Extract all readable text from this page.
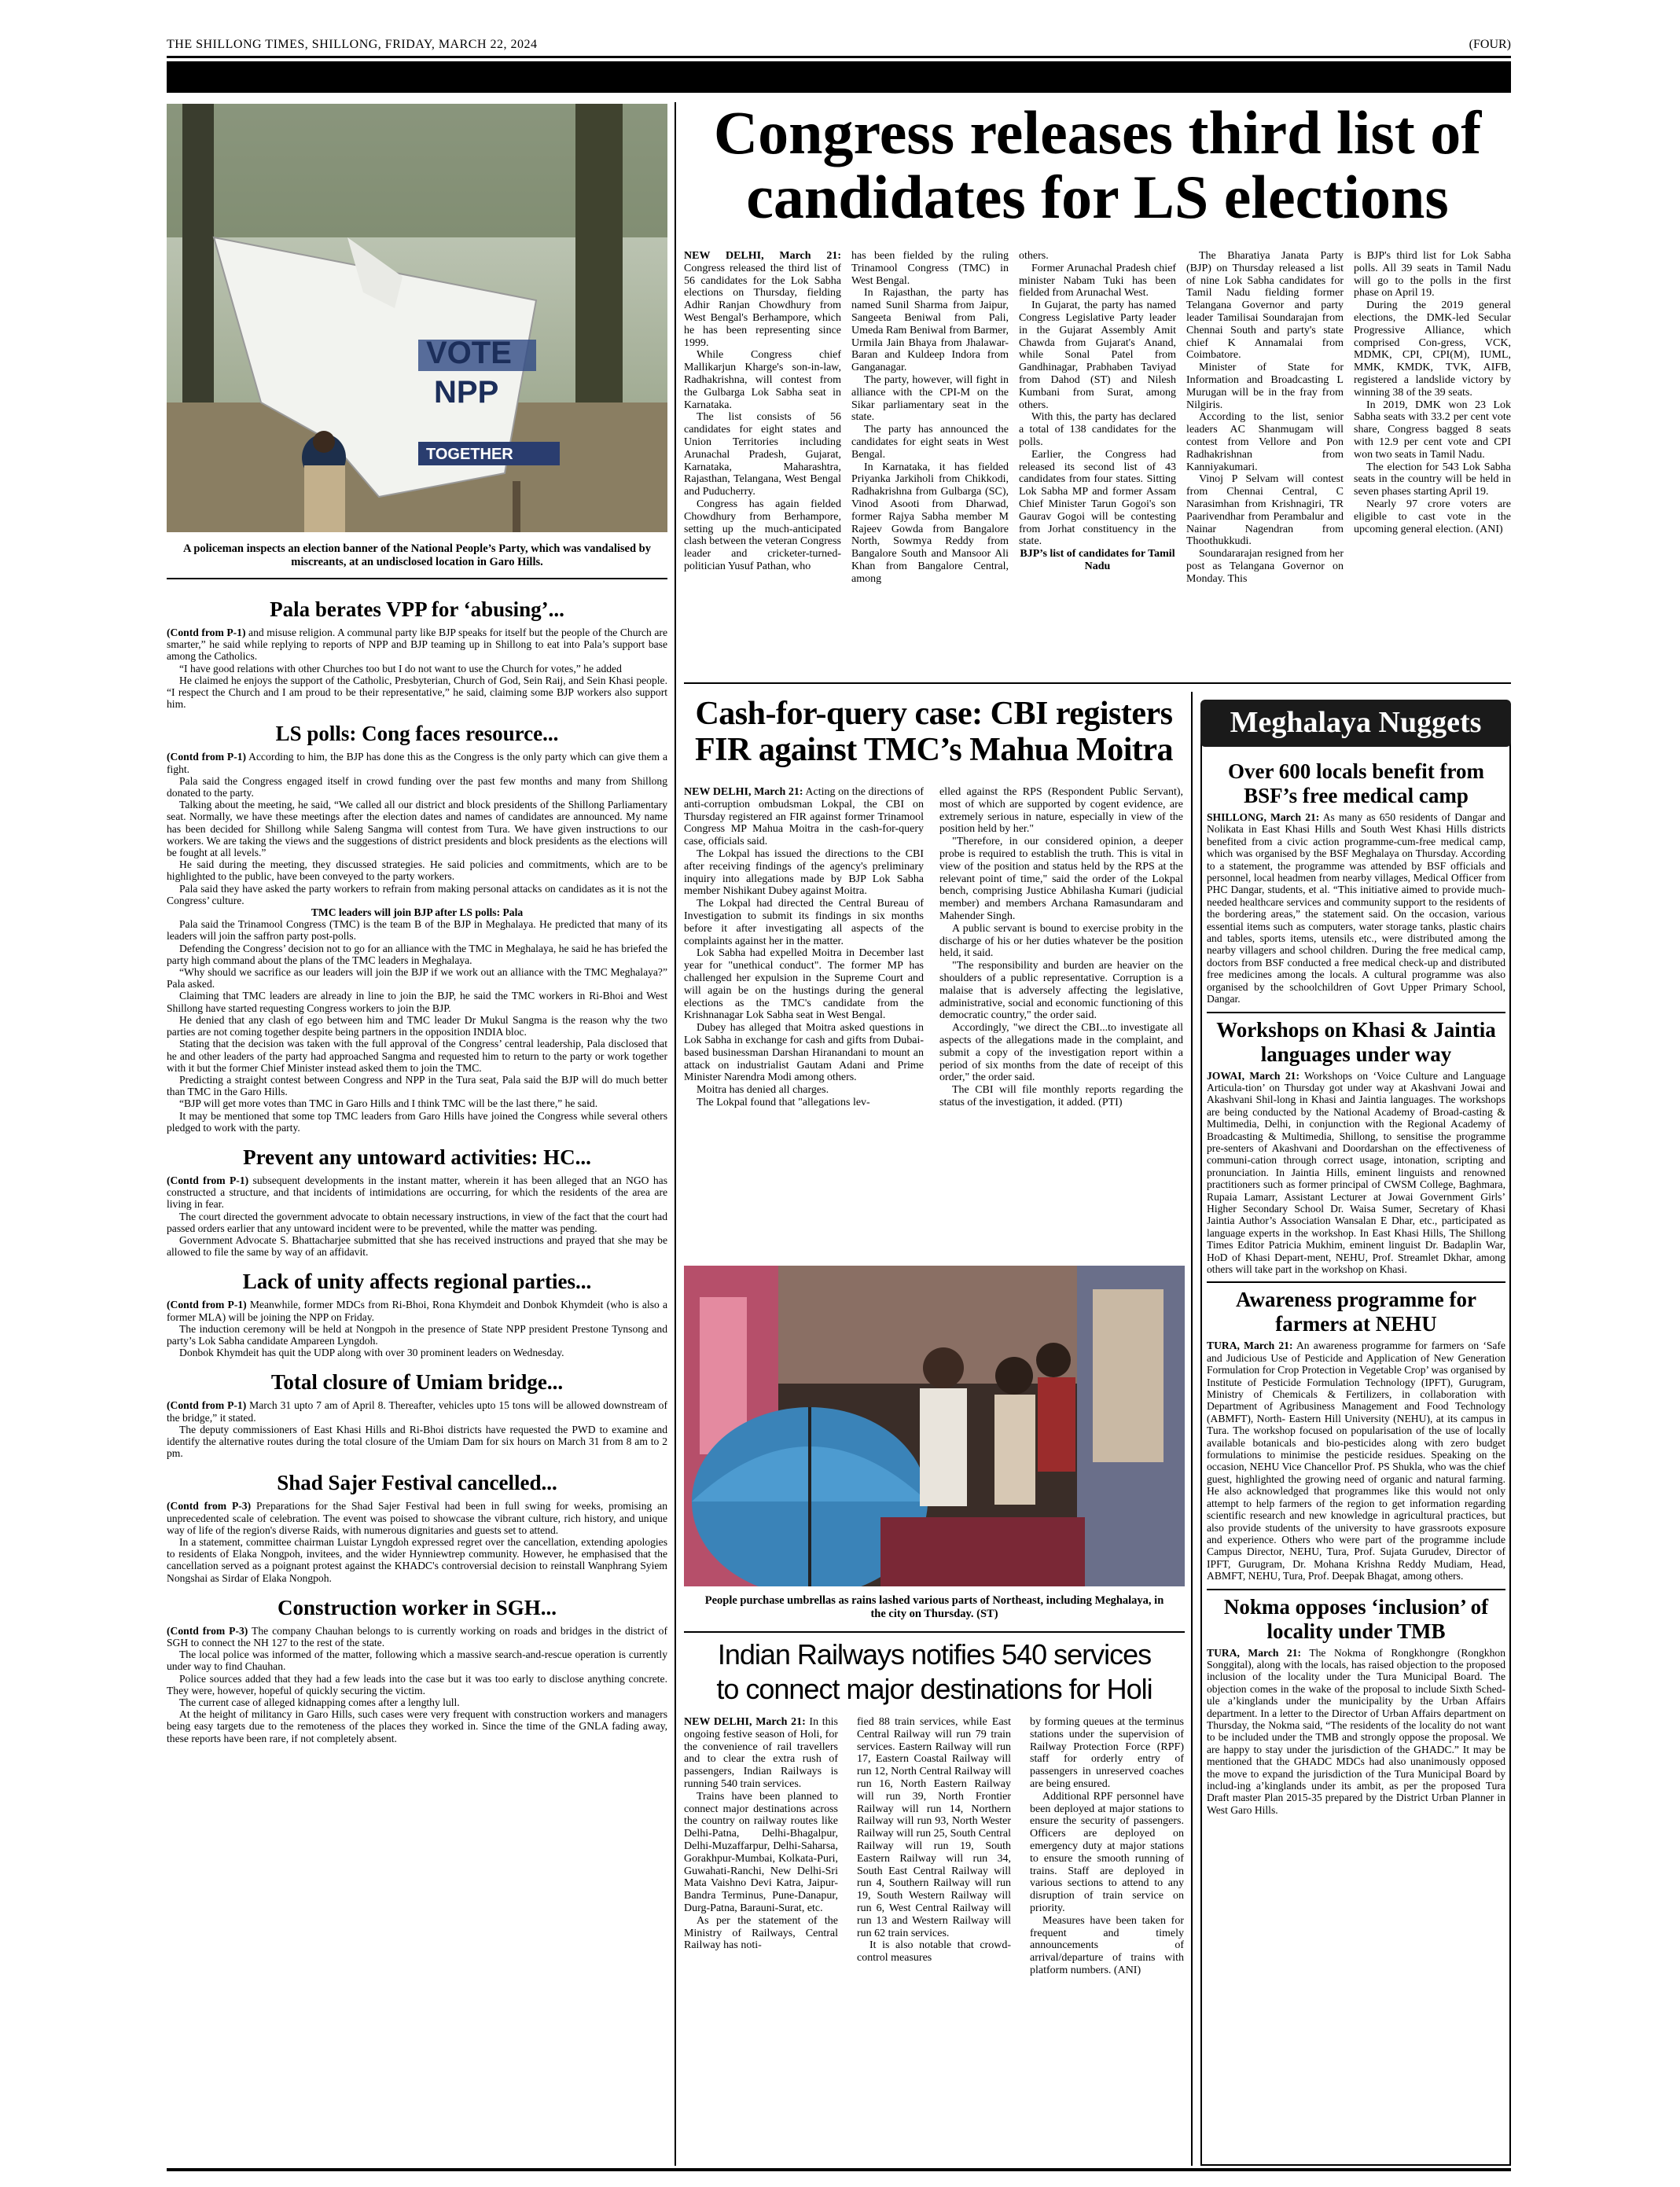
THE SHILLONG TIMES, SHILLONG, FRIDAY, MARCH 22, 2024	(FOUR)
VOTE
NPP
TOGETHER
A policeman inspects an election banner of the National People’s Party, which was vandalised by miscreants, at an undisclosed location in Garo Hills.
Congress releases third list of
candidates for LS elections

NEW DELHI, March 21: Congress released the third list of 56 candidates for the Lok Sabha elections on Thursday, fielding Adhir Ranjan Chowdhury from West Bengal's Berhampore, which he has been representing since 1999.

While Congress chief Mallikarjun Kharge's son-in-law, Radhakrishna, will contest from the Gulbarga Lok Sabha seat in Karnataka.

The list consists of 56 candidates for eight states and Union Territories including Arunachal Pradesh, Gujarat, Karnataka, Maharashtra, Rajasthan, Telangana, West Bengal and Puducherry.

Congress has again fielded Chowdhury from Berhampore, setting up the much-anticipated clash between the veteran Congress leader and cricketer-turned-politician Yusuf Pathan, who

has been fielded by the ruling Trinamool Congress (TMC) in West Bengal.

In Rajasthan, the party has named Sunil Sharma from Jaipur, Sangeeta Beniwal from Pali, Umeda Ram Beniwal from Barmer, Urmila Jain Bhaya from Jhalawar-Baran and Kuldeep Indora from Ganganagar.

The party, however, will fight in alliance with the CPI-M on the Sikar parliamentary seat in the state.

The party has announced the candidates for eight seats in West Bengal.

In Karnataka, it has fielded Priyanka Jarkiholi from Chikkodi, Radhakrishna from Gulbarga (SC), Vinod Asooti from Dharwad, former Rajya Sabha member M Rajeev Gowda from Bangalore North, Sowmya Reddy from Bangalore South and Mansoor Ali Khan from Bangalore Central, among

others.

Former Arunachal Pradesh chief minister Nabam Tuki has been fielded from Arunachal West.

In Gujarat, the party has named Congress Legislative Party leader in the Gujarat Assembly Amit Chawda from Gujarat's Anand, while Sonal Patel from Gandhinagar, Prabhaben Taviyad from Dahod (ST) and Nilesh Kumbani from Surat, among others.

With this, the party has declared a total of 138 candidates for the polls.

Earlier, the Congress had released its second list of 43 candidates from four states. Sitting Lok Sabha MP and former Assam Chief Minister Tarun Gogoi's son Gaurav Gogoi will be contesting from Jorhat constituency in the state.

BJP’s list of candidates for Tamil Nadu

The Bharatiya Janata Party (BJP) on Thursday released a list of nine Lok Sabha candidates for Tamil Nadu fielding former Telangana Governor and party leader Tamilisai Soundarajan from Chennai South and party's state chief K Annamalai from Coimbatore.

Minister of State for Information and Broadcasting L Murugan will be in the fray from Nilgiris.

According to the list, senior leaders AC Shanmugam will contest from Vellore and Pon Radhakrishnan from Kanniyakumari.

Vinoj P Selvam will contest from Chennai Central, C Narasimhan from Krishnagiri, TR Paarivendhar from Perambalur and Nainar Nagendran from Thoothukkudi.

Soundararajan resigned from her post as Telangana Governor on Monday. This

is BJP's third list for Lok Sabha polls. All 39 seats in Tamil Nadu will go to the polls in the first phase on April 19.

During the 2019 general elections, the DMK-led Secular Progressive Alliance, which comprised Con-gress, VCK, MDMK, CPI, CPI(M), IUML, MMK, KMDK, TVK, AIFB, registered a landslide victory by winning 38 of the 39 seats.

In 2019, DMK won 23 Lok Sabha seats with 33.2 per cent vote share, Congress bagged 8 seats with 12.9 per cent vote and CPI won two seats in Tamil Nadu.

The election for 543 Lok Sabha seats in the country will be held in seven phases starting April 19.

Nearly 97 crore voters are eligible to cast vote in the upcoming general election. (ANI)

Pala berates VPP for ‘abusing’...

(Contd from P-1) and misuse religion. A communal party like BJP speaks for itself but the people of the Church are smarter,” he said while replying to reports of NPP and BJP teaming up in Shillong to eat into Pala’s support base among the Catholics.

“I have good relations with other Churches too but I do not want to use the Church for votes,” he added

He claimed he enjoys the support of the Catholic, Presbyterian, Church of God, Sein Raij, and Sein Khasi people. “I respect the Church and I am proud to be their representative,” he said, claiming some BJP workers also support him.

LS polls: Cong faces resource...

(Contd from P-1) According to him, the BJP has done this as the Congress is the only party which can give them a fight.

Pala said the Congress engaged itself in crowd funding over the past few months and many from Shillong donated to the party.

Talking about the meeting, he said, “We called all our district and block presidents of the Shillong Parliamentary seat. Normally, we have these meetings after the election dates and names of candidates are announced. My name has been decided for Shillong while Saleng Sangma will contest from Tura. We have given instructions to our workers. We are taking the views and the suggestions of district presidents and block presidents as the elections will be fought at all levels.”

He said during the meeting, they discussed strategies. He said policies and commitments, which are to be highlighted to the public, have been conveyed to the party workers.

Pala said they have asked the party workers to refrain from making personal attacks on candidates as it is not the Congress’ culture.

TMC leaders will join BJP after LS polls: Pala

Pala said the Trinamool Congress (TMC) is the team B of the BJP in Meghalaya. He predicted that many of its leaders will join the saffron party post-polls.

Defending the Congress’ decision not to go for an alliance with the TMC in Meghalaya, he said he has briefed the party high command about the plans of the TMC leaders in Meghalaya.

“Why should we sacrifice as our leaders will join the BJP if we work out an alliance with the TMC Meghalaya?” Pala asked.

Claiming that TMC leaders are already in line to join the BJP, he said the TMC workers in Ri-Bhoi and West Shillong have started requesting Congress workers to join the BJP.

He denied that any clash of ego between him and TMC leader Dr Mukul Sangma is the reason why the two parties are not coming together despite being partners in the opposition INDIA bloc.

Stating that the decision was taken with the full approval of the Congress’ central leadership, Pala disclosed that he and other leaders of the party had approached Sangma and requested him to return to the party or work together with it but the former Chief Minister instead asked them to join the TMC.

Predicting a straight contest between Congress and NPP in the Tura seat, Pala said the BJP will do much better than TMC in the Garo Hills.

“BJP will get more votes than TMC in Garo Hills and I think TMC will be the last there,” he said.

It may be mentioned that some top TMC leaders from Garo Hills have joined the Congress while several others pledged to work with the party.

Prevent any untoward activities: HC...

(Contd from P-1) subsequent developments in the instant matter, wherein it has been alleged that an NGO has constructed a structure, and that incidents of intimidations are occurring, for which the residents of the area are living in fear.

The court directed the government advocate to obtain necessary instructions, in view of the fact that the court had passed orders earlier that any untoward incident were to be prevented, while the matter was pending.

Government Advocate S. Bhattacharjee submitted that she has received instructions and prayed that she may be allowed to file the same by way of an affidavit.

Lack of unity affects regional parties...

(Contd from P-1) Meanwhile, former MDCs from Ri-Bhoi, Rona Khymdeit and Donbok Khymdeit (who is also a former MLA) will be joining the NPP on Friday.

The induction ceremony will be held at Nongpoh in the presence of State NPP president Prestone Tynsong and party’s Lok Sabha candidate Ampareen Lyngdoh.

Donbok Khymdeit has quit the UDP along with over 30 prominent leaders on Wednesday.

Total closure of Umiam bridge...

(Contd from P-1) March 31 upto 7 am of April 8. Thereafter, vehicles upto 15 tons will be allowed downstream of the bridge,” it stated.

The deputy commissioners of East Khasi Hills and Ri-Bhoi districts have requested the PWD to examine and identify the alternative routes during the total closure of the Umiam Dam for six hours on March 31 from 8 am to 2 pm.

Shad Sajer Festival cancelled...

(Contd from P-3) Preparations for the Shad Sajer Festival had been in full swing for weeks, promising an unprecedented scale of celebration. The event was poised to showcase the vibrant culture, rich history, and unique way of life of the region's diverse Raids, with numerous dignitaries and guests set to attend.

In a statement, committee chairman Luistar Lyngdoh expressed regret over the cancellation, extending apologies to residents of Elaka Nongpoh, invitees, and the wider Hynniewtrep community. However, he emphasised that the cancellation served as a poignant protest against the KHADC's controversial decision to reinstall Wanphrang Syiem Nongshai as Sirdar of Elaka Nongpoh.

Construction worker in SGH...

(Contd from P-3) The company Chauhan belongs to is currently working on roads and bridges in the district of SGH to connect the NH 127 to the rest of the state.

The local police was informed of the matter, following which a massive search-and-rescue operation is currently under way to find Chauhan.

Police sources added that they had a few leads into the case but it was too early to disclose anything concrete. They were, however, hopeful of quickly securing the victim.

The current case of alleged kidnapping comes after a lengthy lull.

At the height of militancy in Garo Hills, such cases were very frequent with construction workers and managers being easy targets due to the remoteness of the places they worked in. Since the time of the GNLA fading away, these reports have been rare, if not completely absent.

Cash-for-query case: CBI registers
FIR against TMC’s Mahua Moitra

NEW DELHI, March 21: Acting on the directions of anti-corruption ombudsman Lokpal, the CBI on Thursday registered an FIR against former Trinamool Congress MP Mahua Moitra in the cash-for-query case, officials said.

The Lokpal has issued the directions to the CBI after receiving findings of the agency's preliminary inquiry into allegations made by BJP Lok Sabha member Nishikant Dubey against Moitra.

The Lokpal had directed the Central Bureau of Investigation to submit its findings in six months before it after investigating all aspects of the complaints against her in the matter.

Lok Sabha had expelled Moitra in December last year for "unethical conduct". The former MP has challenged her expulsion in the Supreme Court and will again be on the hustings during the general elections as the TMC's candidate from the Krishnanagar Lok Sabha seat in West Bengal.

Dubey has alleged that Moitra asked questions in Lok Sabha in exchange for cash and gifts from Dubai-based businessman Darshan Hiranandani to mount an attack on industrialist Gautam Adani and Prime Minister Narendra Modi among others.

Moitra has denied all charges.

The Lokpal found that "allegations lev-

elled against the RPS (Respondent Public Servant), most of which are supported by cogent evidence, are extremely serious in nature, especially in view of the position held by her."

"Therefore, in our considered opinion, a deeper probe is required to establish the truth. This is vital in view of the position and status held by the RPS at the relevant point of time," said the order of the Lokpal bench, comprising Justice Abhilasha Kumari (judicial member) and members Archana Ramasundaram and Mahender Singh.

A public servant is bound to exercise probity in the discharge of his or her duties whatever be the position held, it said.

"The responsibility and burden are heavier on the shoulders of a public representative. Corruption is a malaise that is adversely affecting the legislative, administrative, social and economic functioning of this democratic country," the order said.

Accordingly, "we direct the CBI...to investigate all aspects of the allegations made in the complaint, and submit a copy of the investigation report within a period of six months from the date of receipt of this order," the order said.

The CBI will file monthly reports regarding the status of the investigation, it added. (PTI)

People purchase umbrellas as rains lashed various parts of Northeast, including Meghalaya, in the city on Thursday. (ST)
Indian Railways notifies 540 services
to connect major destinations for Holi

NEW DELHI, March 21: In this ongoing festive season of Holi, for the convenience of rail travellers and to clear the extra rush of passengers, Indian Railways is running 540 train services.

Trains have been planned to connect major destinations across the country on railway routes like Delhi-Patna, Delhi-Bhagalpur, Delhi-Muzaffarpur, Delhi-Saharsa, Gorakhpur-Mumbai, Kolkata-Puri, Guwahati-Ranchi, New Delhi-Sri Mata Vaishno Devi Katra, Jaipur-Bandra Terminus, Pune-Danapur, Durg-Patna, Barauni-Surat, etc.

As per the statement of the Ministry of Railways, Central Railway has noti-

fied 88 train services, while East Central Railway will run 79 train services. Eastern Railway will run 17, Eastern Coastal Railway will run 12, North Central Railway will run 16, North Eastern Railway will run 39, North Frontier Railway will run 14, Northern Railway will run 93, North Wester Railway will run 25, South Central Railway will run 19, South Eastern Railway will run 34, South East Central Railway will run 4, Southern Railway will run 19, South Western Railway will run 6, West Central Railway will run 13 and Western Railway will run 62 train services.

It is also notable that crowd-control measures

by forming queues at the terminus stations under the supervision of Railway Protection Force (RPF) staff for orderly entry of passengers in unreserved coaches are being ensured.

Additional RPF personnel have been deployed at major stations to ensure the security of passengers. Officers are deployed on emergency duty at major stations to ensure the smooth running of trains. Staff are deployed in various sections to attend to any disruption of train service on priority.

Measures have been taken for frequent and timely announcements of arrival/departure of trains with platform numbers. (ANI)

Meghalaya Nuggets
Over 600 locals benefit from BSF’s free medical camp

SHILLONG, March 21: As many as 650 residents of Dangar and Nolikata in East Khasi Hills and South West Khasi Hills districts benefited from a civic action programme-cum-free medical camp, which was organised by the BSF Meghalaya on Thursday. According to a statement, the programme was attended by BSF officials and personnel, local headmen from nearby villages, Medical Officer from PHC Dangar, students, et al. “This initiative aimed to provide much-needed healthcare services and community support to the residents of the bordering areas,” the statement said. On the occasion, various essential items such as computers, water storage tanks, plastic chairs and tables, sports items, utensils etc., were distributed among the nearby villagers and school children. During the free medical camp, doctors from BSF conducted a free medical check-up and distributed free medicines among the locals. A cultural programme was also organised by the schoolchildren of Govt Upper Primary School, Dangar.

Workshops on Khasi & Jaintia languages under way

JOWAI, March 21: Workshops on ‘Voice Culture and Language Articula-tion’ on Thursday got under way at Akashvani Jowai and Akashvani Shil-long in Khasi and Jaintia languages. The workshops are being conducted by the National Academy of Broad-casting & Multimedia, Delhi, in conjunction with the Regional Academy of Broadcasting & Multimedia, Shillong, to sensitise the programme pre-senters of Akashvani and Doordarshan on the effectiveness of communi-cation through correct usage, intonation, scripting and pronunciation. In Jaintia Hills, eminent linguists and renowned practitioners such as former principal of CWSM College, Baghmara, Rupaia Lamarr, Assistant Lecturer at Jowai Government Girls’ Higher Secondary School Dr. Waisa Sumer, Secretary of Khasi Jaintia Author’s Association Wansalan E Dhar, etc., participated as language experts in the workshop. In East Khasi Hills, The Shillong Times Editor Patricia Mukhim, eminent linguist Dr. Badaplin War, HoD of Khasi Depart-ment, NEHU, Prof. Streamlet Dkhar, among others will take part in the workshop on Khasi.

Awareness programme for farmers at NEHU

TURA, March 21: An awareness programme for farmers on ‘Safe and Judicious Use of Pesticide and Application of New Generation Formulation for Crop Protection in Vegetable Crop’ was organised by Institute of Pesticide Formulation Technology (IPFT), Gurugram, Ministry of Chemicals & Fertilizers, in collaboration with Department of Agribusiness Management and Food Technology (ABMFT), North- Eastern Hill University (NEHU), at its campus in Tura. The workshop focused on popularisation of the use of locally available botanicals and bio-pesticides along with zero budget formulations to minimise the pesticide residues. Speaking on the occasion, NEHU Vice Chancellor Prof. PS Shukla, who was the chief guest, highlighted the growing need of organic and natural farming. He also acknowledged that programmes like this would not only attempt to help farmers of the region to get information regarding scientific research and new knowledge in agricultural practices, but also provide students of the university to have grassroots exposure and experience. Others who were part of the programme include Campus Director, NEHU, Tura, Prof. Sujata Gurudev, Director of IPFT, Gurugram, Dr. Mohana Krishna Reddy Mudiam, Head, ABMFT, NEHU, Tura, Prof. Deepak Bhagat, among others.

Nokma opposes ‘inclusion’ of locality under TMB

TURA, March 21: The Nokma of Rongkhongre (Rongkhon Songgital), along with the locals, has raised objection to the proposed inclusion of the locality under the Tura Municipal Board. The objection comes in the wake of the proposal to include Sixth Sched-ule a’kinglands under the municipality by the Urban Affairs department. In a letter to the Director of Urban Affairs department on Thursday, the Nokma said, “The residents of the locality do not want to be included under the TMB and strongly oppose the proposal. We are happy to stay under the jurisdiction of the GHADC.” It may be mentioned that the GHADC MDCs had also unanimously opposed the move to expand the jurisdiction of the Tura Municipal Board by includ-ing a’kinglands under its ambit, as per the proposed Tura Draft master Plan 2015-35 prepared by the District Urban Planner in West Garo Hills.
